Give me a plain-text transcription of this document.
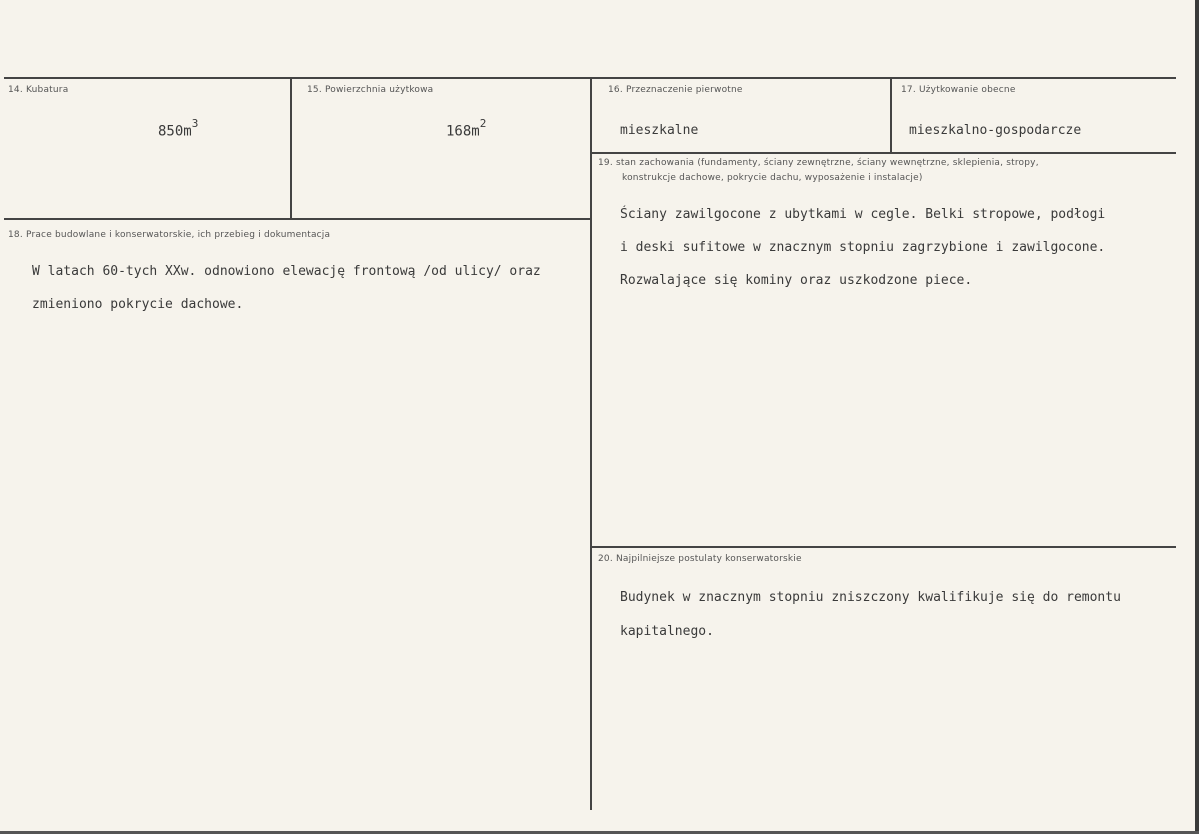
14. Kubatura
$850m^3$
15. Powierzchnia użytkowa
$168m^2$
16. Przeznaczenie pierwotne
mieszkalne
17. Użytkowanie obecne
mieszkalno-gospodarcze
18. Prace budowlane i konserwatorskie, ich przebieg i dokumentacja
W latach 60-tych XXw. odnowiono elewację frontową /od ulicy/ oraz
zmieniono pokrycie dachowe.
19. stan zachowania (fundamenty, ściany zewnętrzne, ściany wewnętrzne, sklepienia, stropy,
konstrukcje dachowe, pokrycie dachu, wyposażenie i instalacje)
Ściany zawilgocone z ubytkami w cegle. Belki stropowe, podłogi
i deski sufitowe w znacznym stopniu zagrzybione i zawilgocone.
Rozwalające się kominy oraz uszkodzone piece.
20. Najpilniejsze postulaty konserwatorskie
Budynek w znacznym stopniu zniszczony kwalifikuje się do remontu
kapitalnego.
